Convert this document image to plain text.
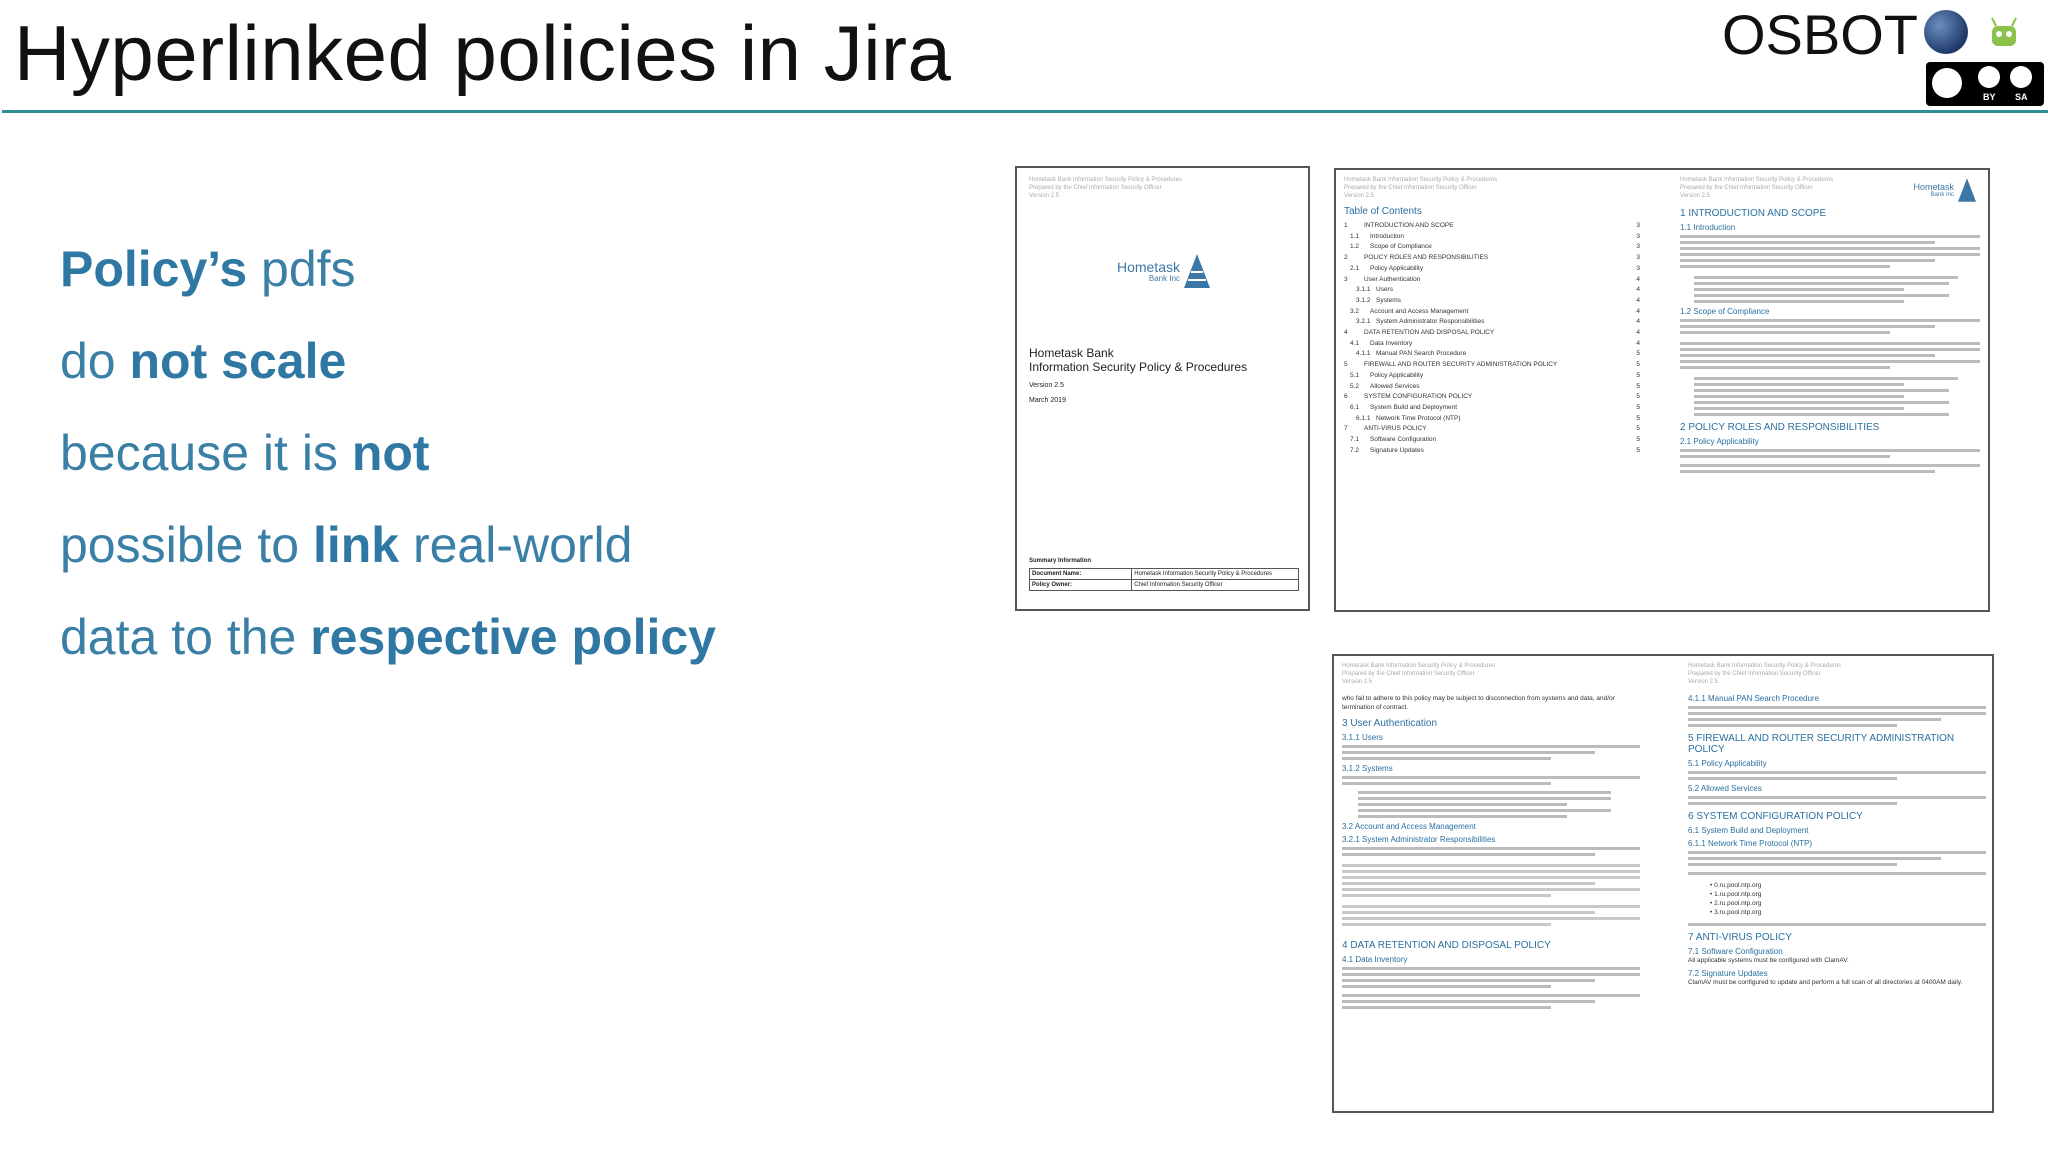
Hyperlinked policies in Jira	OSBOT
BY SA
Policy’s pdfs
do not scale
because it is not
possible to link real-world
data to the respective policy
Hometask Bank Information Security Policy & Procedures
Prepared by the Chief Information Security Officer
Version 2.5
Hometask
Bank Inc
Hometask Bank
Information Security Policy & Procedures
Version 2.5
March 2019
Summary Information
Document Name:	Hometask Information Security Policy & Procedures
Policy Owner:	Chief Information Security Officer
Hometask Bank Information Security Policy & Procedures
Prepared by the Chief Information Security Officer
Version 2.5
Table of Contents
1	INTRODUCTION AND SCOPE	3
1.1	Introduction	3
1.2	Scope of Compliance	3
2	POLICY ROLES AND RESPONSIBILITIES	3
2.1	Policy Applicability	3
3	User Authentication	4
3.1.1 Users	4
3.1.2 Systems	4
3.2	Account and Access Management	4
3.2.1 System Administrator Responsibilities	4
4	DATA RETENTION AND DISPOSAL POLICY	4
4.1	Data Inventory	4
4.1.1 Manual PAN Search Procedure	5
5	FIREWALL AND ROUTER SECURITY ADMINISTRATION POLICY	5
5.1	Policy Applicability	5
5.2	Allowed Services	5
6	SYSTEM CONFIGURATION POLICY	5
6.1	System Build and Deployment	5
6.1.1 Network Time Protocol (NTP)	5
7	ANTI-VIRUS POLICY	5
7.1	Software Configuration	5
7.2	Signature Updates	5
Hometask Bank Information Security Policy & Procedures
Prepared by the Chief Information Security Officer
Version 2.5
Hometask
Bank Inc
1 INTRODUCTION AND SCOPE
1.1 Introduction
1.2 Scope of Compliance
2 POLICY ROLES AND RESPONSIBILITIES
2.1 Policy Applicability
Hometask Bank Information Security Policy & Procedures
Prepared by the Chief Information Security Officer
Version 2.5
who fail to adhere to this policy may be subject to disconnection from systems and data, and/or termination of contract.
3 User Authentication
3.1.1 Users
3.1.2 Systems
3.2 Account and Access Management
3.2.1 System Administrator Responsibilities
4 DATA RETENTION AND DISPOSAL POLICY
4.1 Data Inventory
Hometask Bank Information Security Policy & Procedures
Prepared by the Chief Information Security Officer
Version 2.5
4.1.1 Manual PAN Search Procedure
5 FIREWALL AND ROUTER SECURITY ADMINISTRATION POLICY
5.1 Policy Applicability
5.2 Allowed Services
6 SYSTEM CONFIGURATION POLICY
6.1 System Build and Deployment
6.1.1 Network Time Protocol (NTP)
• 0.ru.pool.ntp.org
• 1.ru.pool.ntp.org
• 2.ru.pool.ntp.org
• 3.ru.pool.ntp.org
7 ANTI-VIRUS POLICY
7.1 Software Configuration
All applicable systems must be configured with ClamAV.
7.2 Signature Updates
ClamAV must be configured to update and perform a full scan of all directories at 0400AM daily.
